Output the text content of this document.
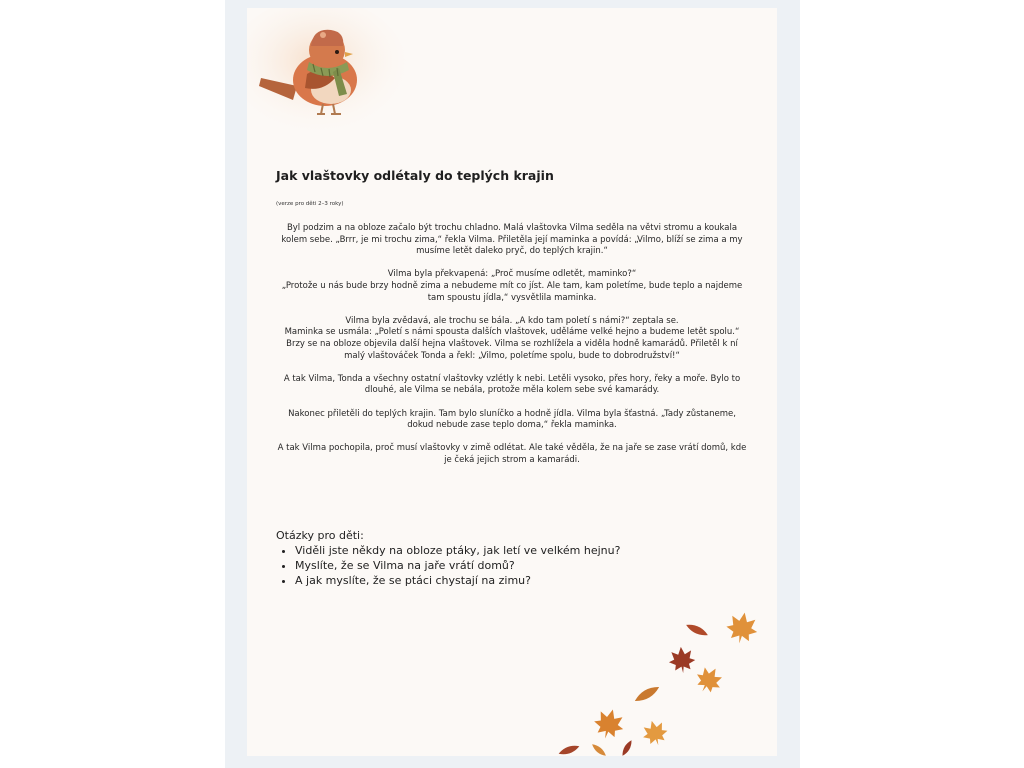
Jak vlaštovky odlétaly do teplých krajin
(verze pro děti 2–3 roky)

Byl podzim a na obloze začalo být trochu chladno. Malá vlaštovka Vilma seděla na větvi stromu a koukala kolem sebe. „Brrr, je mi trochu zima,“ řekla Vilma. Přiletěla její maminka a povídá: „Vilmo, blíží se zima a my musíme letět daleko pryč, do teplých krajin.“

Vilma byla překvapená: „Proč musíme odletět, maminko?“
„Protože u nás bude brzy hodně zima a nebudeme mít co jíst. Ale tam, kam poletíme, bude teplo a najdeme tam spoustu jídla,“ vysvětlila maminka.

Vilma byla zvědavá, ale trochu se bála. „A kdo tam poletí s námi?“ zeptala se.
Maminka se usmála: „Poletí s námi spousta dalších vlaštovek, uděláme velké hejno a budeme letět spolu.“
Brzy se na obloze objevila další hejna vlaštovek. Vilma se rozhlížela a viděla hodně kamarádů. Přiletěl k ní malý vlaštováček Tonda a řekl: „Vilmo, poletíme spolu, bude to dobrodružství!“

A tak Vilma, Tonda a všechny ostatní vlaštovky vzlétly k nebi. Letěli vysoko, přes hory, řeky a moře. Bylo to dlouhé, ale Vilma se nebála, protože měla kolem sebe své kamarády.

Nakonec přiletěli do teplých krajin. Tam bylo sluníčko a hodně jídla. Vilma byla šťastná. „Tady zůstaneme, dokud nebude zase teplo doma,“ řekla maminka.

A tak Vilma pochopila, proč musí vlaštovky v zimě odlétat. Ale také věděla, že na jaře se zase vrátí domů, kde je čeká jejich strom a kamarádi.

Otázky pro děti:
• Viděli jste někdy na obloze ptáky, jak letí ve velkém hejnu?
• Myslíte, že se Vilma na jaře vrátí domů?
• A jak myslíte, že se ptáci chystají na zimu?
